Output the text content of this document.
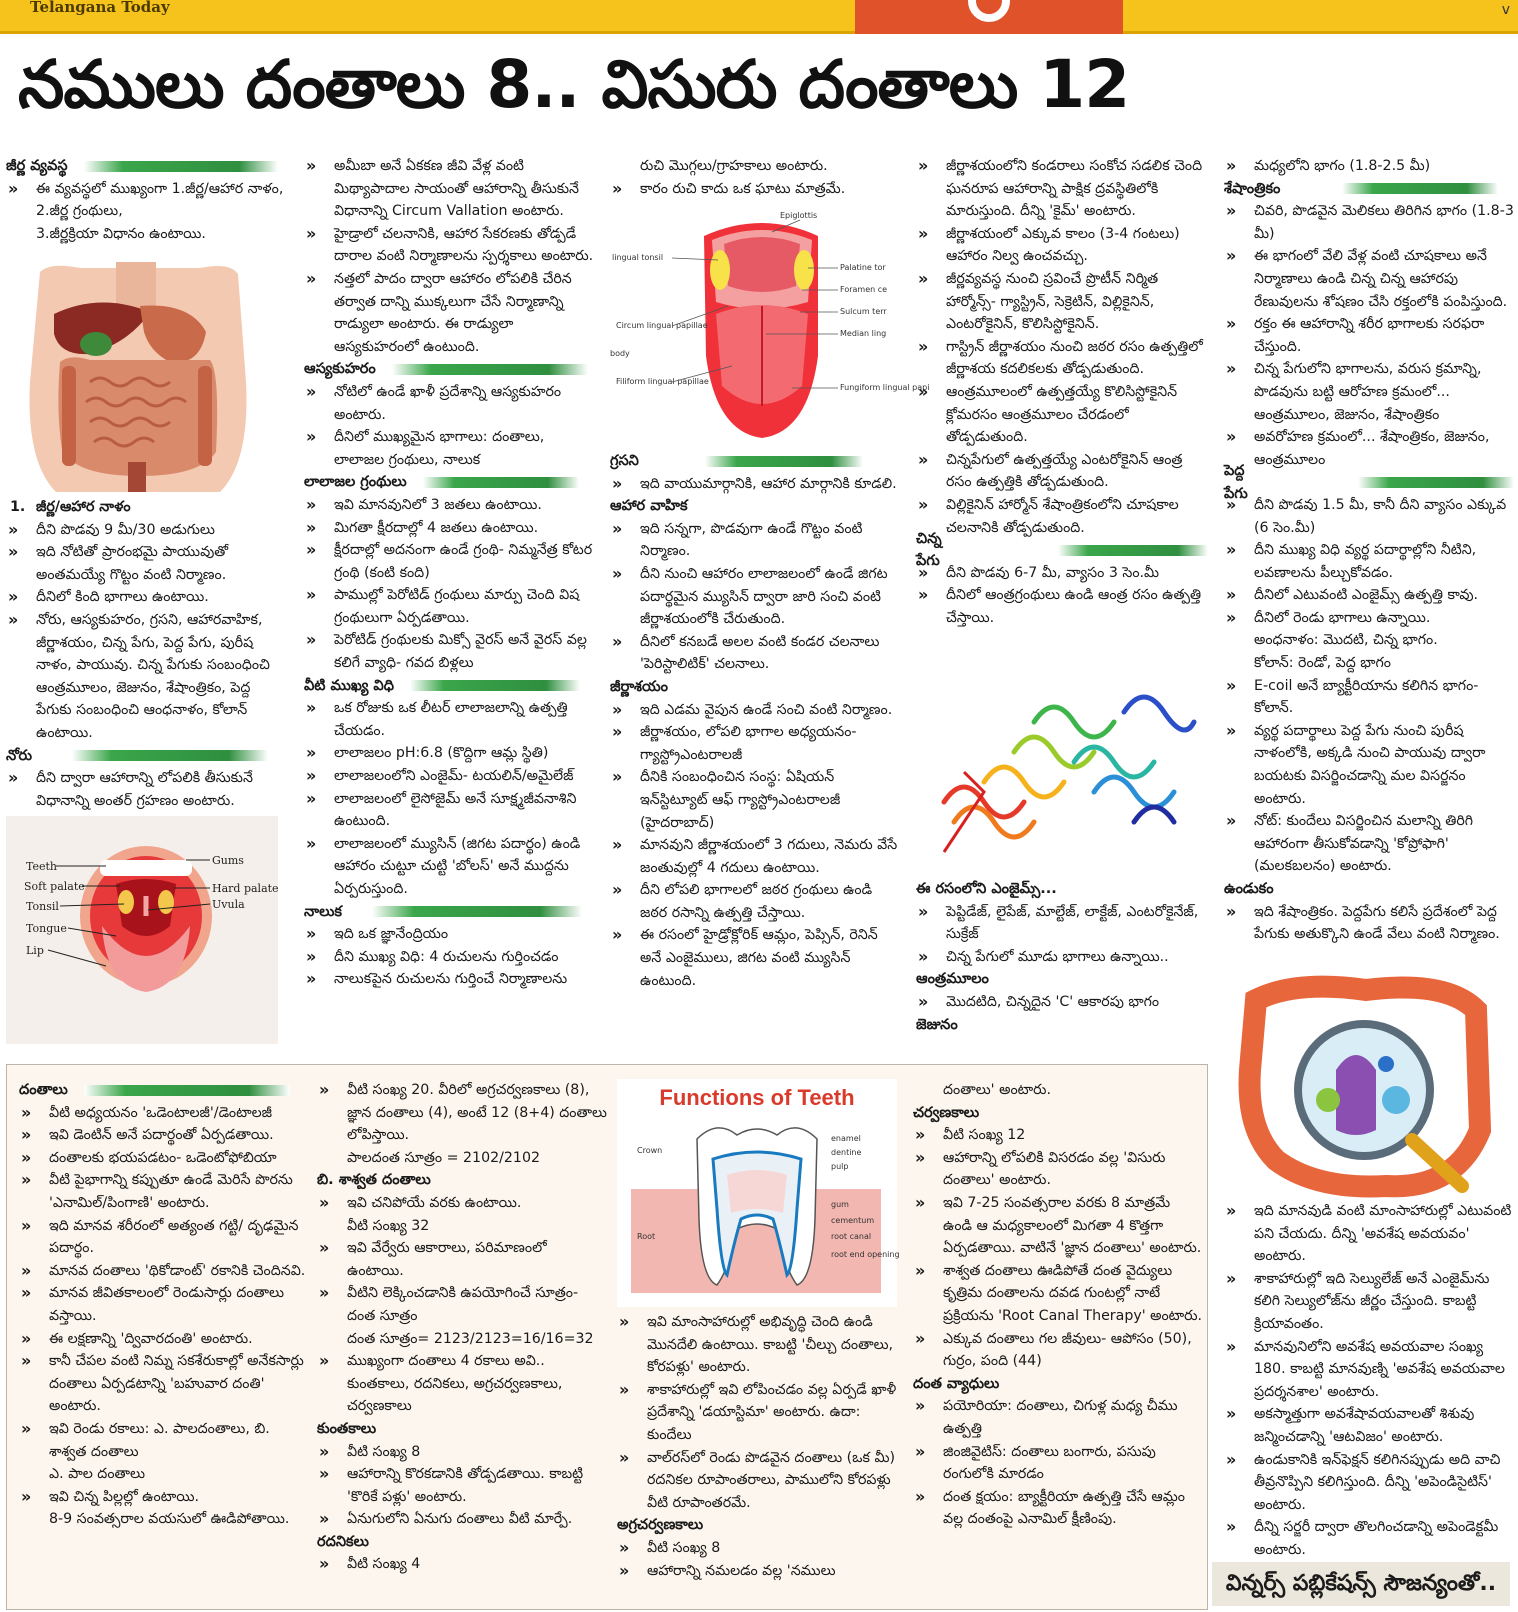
Telangana Today	v
నములు దంతాలు 8.. విసురు దంతాలు 12
జీర్ణ వ్యవస్థ

» ఈ వ్యవస్థలో ముఖ్యంగా 1.జీర్ణ/ఆహార నాళం,

2.జీర్ణ గ్రంథులు,

3.జీర్ణక్రియా విధానం ఉంటాయి.

1. జీర్ణ/ఆహార నాళం

» దీని పొడవు 9 మీ/30 అడుగులు

» ఇది నోటితో ప్రారంభమై పాయువుతో అంతమయ్యే గొట్టం వంటి నిర్మాణం.

» దీనిలో కింది భాగాలు ఉంటాయి.

» నోరు, ఆస్యకుహరం, గ్రసని, ఆహారవాహిక, జీర్ణాశయం, చిన్న పేగు, పెద్ద పేగు, పురీష నాళం, పాయువు. చిన్న పేగుకు సంబంధించి ఆంత్రమూలం, జెజునం, శేషాంత్రికం, పెద్ద పేగుకు సంబంధించి ఆంధనాళం, కోలాన్ ఉంటాయి.

నోరు

» దీని ద్వారా ఆహారాన్ని లోపలికి తీసుకునే విధానాన్ని అంతర్ గ్రహణం అంటారు.

Teeth
Soft palate
Tonsil
Tongue
Lip
Gums
Hard palate
Uvula

» అమీబా అనే ఏకకణ జీవి వేళ్ల వంటి మిథ్యాపాదాల సాయంతో ఆహారాన్ని తీసుకునే విధానాన్ని Circum Vallation అంటారు.

» హైడ్రాలో చలనానికి, ఆహార సేకరణకు తోడ్పడే దారాల వంటి నిర్మాణాలను స్పర్శకాలు అంటారు.

» నత్తలో పాదం ద్వారా ఆహారం లోపలికి చేరిన తర్వాత దాన్ని ముక్కలుగా చేసే నిర్మాణాన్ని రాడ్యులా అంటారు. ఈ రాడ్యులా ఆస్యకుహరంలో ఉంటుంది.

ఆస్యకుహరం

» నోటిలో ఉండే ఖాళీ ప్రదేశాన్ని ఆస్యకుహరం అంటారు.

» దీనిలో ముఖ్యమైన భాగాలు: దంతాలు, లాలాజల గ్రంథులు, నాలుక

లాలాజల గ్రంథులు

» ఇవి మానవునిలో 3 జతలు ఉంటాయి.

» మిగతా క్షీరదాల్లో 4 జతలు ఉంటాయి.

» క్షీరదాల్లో అదనంగా ఉండే గ్రంథి- నిమ్మనేత్ర కోటర గ్రంథి (కంటి కంది)

» పాముల్లో పెరోటిడ్ గ్రంథులు మార్పు చెంది విష గ్రంథులుగా ఏర్పడతాయి.

» పెరోటిడ్ గ్రంథులకు మిక్సో వైరస్ అనే వైరస్ వల్ల కలిగే వ్యాధి- గవద బిళ్లలు

వీటి ముఖ్య విధి

» ఒక రోజుకు ఒక లీటర్ లాలాజలాన్ని ఉత్పత్తి చేయడం.

» లాలాజలం pH:6.8 (కొద్దిగా ఆమ్ల స్థితి)

» లాలాజలంలోని ఎంజైమ్- టయలిన్/అమైలేజ్

» లాలాజలంలో లైసోజైమ్ అనే సూక్ష్మజీవనాశిని ఉంటుంది.

» లాలాజలంలో మ్యుసిన్ (జిగట పదార్థం) ఉండి ఆహారం చుట్టూ చుట్టి 'బోలస్' అనే ముద్దను ఏర్పరుస్తుంది.

నాలుక

» ఇది ఒక జ్ఞానేంద్రియం

» దీని ముఖ్య విధి: 4 రుచులను గుర్తించడం

» నాలుకపైన రుచులను గుర్తించే నిర్మాణాలను

రుచి మొగ్గలు/గ్రాహకాలు అంటారు.

» కారం రుచి కాదు ఒక ఘాటు మాత్రమే.

Epiglottis
lingual tonsil
Palatine tor
Foramen ce
Sulcum terr
Median ling
Circum lingual papillae
body
Filiform lingual papillae
Fungiform lingual papi
గ్రసని

» ఇది వాయుమార్గానికి, ఆహార మార్గానికి కూడలి.

ఆహార వాహిక

» ఇది సన్నగా, పొడవుగా ఉండే గొట్టం వంటి నిర్మాణం.

» దీని నుంచి ఆహారం లాలాజలంలో ఉండే జిగట పదార్థమైన మ్యుసిన్ ద్వారా జారి సంచి వంటి జీర్ణాశయంలోకి చేరుతుంది.

» దీనిలో కనబడే అలల వంటి కండర చలనాలు 'పెరిస్టాలిటిక్' చలనాలు.

జీర్ణాశయం

» ఇది ఎడమ వైపున ఉండే సంచి వంటి నిర్మాణం.

» జీర్ణాశయం, లోపలి భాగాల అధ్యయనం- గ్యాస్ట్రోఎంటరాలజీ

» దీనికి సంబంధించిన సంస్థ: ఏషియన్ ఇన్‌స్టిట్యూట్ ఆఫ్ గ్యాస్ట్రోఎంటరాలజీ (హైదరాబాద్)

» మానవుని జీర్ణాశయంలో 3 గదులు, నెమరు వేసే జంతువుల్లో 4 గదులు ఉంటాయి.

» దీని లోపలి భాగాలలో జఠర గ్రంథులు ఉండి జఠర రసాన్ని ఉత్పత్తి చేస్తాయి.

» ఈ రసంలో హైడ్రోక్లోరిక్ ఆమ్లం, పెప్సిన్, రెనిన్ అనే ఎంజైములు, జిగట వంటి మ్యుసిన్ ఉంటుంది.

» జీర్ణాశయంలోని కండరాలు సంకోచ సడలిక చెంది ఘనరూప ఆహారాన్ని పాక్షిక ద్రవస్థితిలోకి మారుస్తుంది. దీన్ని 'కైమ్' అంటారు.

» జీర్ణాశయంలో ఎక్కువ కాలం (3-4 గంటలు) ఆహారం నిల్వ ఉంచవచ్చు.

» జీర్ణవ్యవస్థ నుంచి స్రవించే ప్రొటీన్ నిర్మిత హార్మోన్స్- గ్యాస్ట్రిన్, సెక్రెటిన్, విల్లికైనిన్, ఎంటరోకైనిన్, కొలిసిస్టోకైనిన్.

» గాస్ట్రిన్ జీర్ణాశయం నుంచి జఠర రసం ఉత్పత్తిలో జీర్ణాశయ కదలికలకు తోడ్పడుతుంది.

» ఆంత్రమూలంలో ఉత్పత్తయ్యే కొలిసిస్టోకైనిన్ క్లోమరసం ఆంత్రమూలం చేరడంలో తోడ్పడుతుంది.

» చిన్నపేగులో ఉత్పత్తయ్యే ఎంటరోకైనిన్ ఆంత్ర రసం ఉత్పత్తికి తోడ్పడుతుంది.

» విల్లికైనిన్ హార్మోన్ శేషాంత్రికంలోని చూషకాల చలనానికి తోడ్పడుతుంది.

చిన్న పేగు

» దీని పొడవు 6-7 మీ, వ్యాసం 3 సెం.మీ

» దీనిలో ఆంత్రగ్రంథులు ఉండి ఆంత్ర రసం ఉత్పత్తి చేస్తాయి.

ఈ రసంలోని ఎంజైమ్స్...

» పెప్టిడేజ్, లైపేజ్, మాల్టేజ్, లాక్టేజ్, ఎంటరోకైనేజ్, సుక్రేజ్

» చిన్న పేగులో మూడు భాగాలు ఉన్నాయి..

ఆంత్రమూలం

» మొదటిది, చిన్నదైన 'C' ఆకారపు భాగం

జెజునం

» మధ్యలోని భాగం (1.8-2.5 మీ)

శేషాంత్రికం

» చివరి, పొడవైన మెలికలు తిరిగిన భాగం (1.8-3 మీ)

» ఈ భాగంలో వేలి వేళ్ల వంటి చూషకాలు అనే నిర్మాణాలు ఉండి చిన్న చిన్న ఆహారపు రేణువులను శోషణం చేసి రక్తంలోకి పంపిస్తుంది.

» రక్తం ఈ ఆహారాన్ని శరీర భాగాలకు సరఫరా చేస్తుంది.

» చిన్న పేగులోని భాగాలను, వరుస క్రమాన్ని, పొడవును బట్టి ఆరోహణ క్రమంలో... ఆంత్రమూలం, జెజునం, శేషాంత్రికం

» అవరోహణ క్రమంలో... శేషాంత్రికం, జెజునం, ఆంత్రమూలం

పెద్ద పేగు

» దీని పొడవు 1.5 మీ, కానీ దీని వ్యాసం ఎక్కువ (6 సెం.మీ)

» దీని ముఖ్య విధి వ్యర్థ పదార్థాల్లోని నీటిని, లవణాలను పీల్చుకోవడం.

» దీనిలో ఎటువంటి ఎంజైమ్స్ ఉత్పత్తి కావు.

» దీనిలో రెండు భాగాలు ఉన్నాయి.

అంధనాళం: మొదటి, చిన్న భాగం.

కోలాన్: రెండో, పెద్ద భాగం

» E-coil అనే బ్యాక్టీరియాను కలిగిన భాగం- కోలాన్.

» వ్యర్థ పదార్థాలు పెద్ద పేగు నుంచి పురీష నాళంలోకి, అక్కడి నుంచి పాయువు ద్వారా బయటకు విసర్జించడాన్ని మల విసర్జనం అంటారు.

» నోట్: కుందేలు విసర్జించిన మలాన్ని తిరిగి ఆహారంగా తీసుకోవడాన్ని 'కోప్రోఫాగి' (మలకబలనం) అంటారు.

ఉండుకం

» ఇది శేషాంత్రికం. పెద్దపేగు కలిసే ప్రదేశంలో పెద్ద పేగుకు అతుక్కొని ఉండే వేలు వంటి నిర్మాణం.

» ఇది మానవుడి వంటి మాంసాహారుల్లో ఎటువంటి పని చేయదు. దీన్ని 'అవశేష అవయవం' అంటారు.

» శాకాహారుల్లో ఇది సెల్యులేజ్ అనే ఎంజైమ్‌ను కలిగి సెల్యులోజ్‌ను జీర్ణం చేస్తుంది. కాబట్టి క్రియావంతం.

» మానవునిలోని అవశేష అవయవాల సంఖ్య 180. కాబట్టి మానవుణ్ని 'అవశేష అవయవాల ప్రదర్శనశాల' అంటారు.

» అకస్మాత్తుగా అవశేషావయవాలతో శిశువు జన్మించడాన్ని 'ఆటవిజం' అంటారు.

» ఉండుకానికి ఇన్‌ఫెక్షన్ కలిగినప్పుడు అది వాచి తీవ్రనొప్పిని కలిగిస్తుంది. దీన్ని 'అపెండిసైటిస్' అంటారు.

» దీన్ని సర్జరీ ద్వారా తొలగించడాన్ని అపెండెక్టమీ అంటారు.

విన్నర్స్ పబ్లికేషన్స్ సౌజన్యంతో..
దంతాలు

» వీటి అధ్యయనం 'ఒడెంటాలజీ'/డెంటాలజీ

» ఇవి డెంటిన్ అనే పదార్థంతో ఏర్పడతాయి.

» దంతాలకు భయపడటం- ఒడెంటోఫోబియా

» వీటి పైభాగాన్ని కప్పుతూ ఉండే మెరిసే పొరను 'ఎనామిల్/పింగాణి' అంటారు.

» ఇది మానవ శరీరంలో అత్యంత గట్టి/ దృఢమైన పదార్థం.

» మానవ దంతాలు 'థికోడాంట్' రకానికి చెందినవి.

» మానవ జీవితకాలంలో రెండుసార్లు దంతాలు వస్తాయి.

» ఈ లక్షణాన్ని 'ద్వివారదంతి' అంటారు.

» కానీ చేపల వంటి నిమ్న సకశేరుకాల్లో అనేకసార్లు దంతాలు ఏర్పడటాన్ని 'బహువార దంతి' అంటారు.

» ఇవి రెండు రకాలు: ఎ. పాలదంతాలు, బి. శాశ్వత దంతాలు

ఎ. పాల దంతాలు

» ఇవి చిన్న పిల్లల్లో ఉంటాయి.

8-9 సంవత్సరాల వయసులో ఊడిపోతాయి.

» వీటి సంఖ్య 20. వీరిలో అగ్రచర్వణకాలు (8), జ్ఞాన దంతాలు (4), అంటే 12 (8+4) దంతాలు లోపిస్తాయి.

పాలదంత సూత్రం = 2102/2102

బి. శాశ్వత దంతాలు

» ఇవి చనిపోయే వరకు ఉంటాయి.

వీటి సంఖ్య 32

» ఇవి వేర్వేరు ఆకారాలు, పరిమాణంలో ఉంటాయి.

» వీటిని లెక్కించడానికి ఉపయోగించే సూత్రం- దంత సూత్రం

దంత సూత్రం= 2123/2123=16/16=32

» ముఖ్యంగా దంతాలు 4 రకాలు అవి.. కుంతకాలు, రదనికలు, అగ్రచర్వణకాలు, చర్వణకాలు

కుంతకాలు

» వీటి సంఖ్య 8

» ఆహారాన్ని కొరకడానికి తోడ్పడతాయి. కాబట్టి 'కొరికే పళ్లు' అంటారు.

» ఏనుగులోని ఏనుగు దంతాలు వీటి మార్పే.

రదనికలు

» వీటి సంఖ్య 4

Functions of Teeth
enamel
dentine
pulp
Crown
gum
cementum
Root	root canal
root end opening

» ఇవి మాంసాహారుల్లో అభివృద్ధి చెంది ఉండి మొనదేలి ఉంటాయి. కాబట్టి 'చీల్చు దంతాలు, కోరపళ్లు' అంటారు.

» శాకాహారుల్లో ఇవి లోపించడం వల్ల ఏర్పడే ఖాళీ ప్రదేశాన్ని 'డయాస్టిమా' అంటారు. ఉదా: కుందేలు

» వాల్‌రస్‌లో రెండు పొడవైన దంతాలు (ఒక మీ) రదనికల రూపాంతరాలు, పాములోని కోరపళ్లు వీటి రూపాంతరమే.

అగ్రచర్వణకాలు

» వీటి సంఖ్య 8

» ఆహారాన్ని నమలడం వల్ల 'నములు

దంతాలు' అంటారు.

చర్వణకాలు

» వీటి సంఖ్య 12

» ఆహారాన్ని లోపలికి విసరడం వల్ల 'విసురు దంతాలు' అంటారు.

» ఇవి 7-25 సంవత్సరాల వరకు 8 మాత్రమే ఉండి ఆ మధ్యకాలంలో మిగతా 4 కొత్తగా ఏర్పడతాయి. వాటినే 'జ్ఞాన దంతాలు' అంటారు.

» శాశ్వత దంతాలు ఊడిపోతే దంత వైద్యులు కృత్రిమ దంతాలను దవడ గుంటల్లో నాటే ప్రక్రియను 'Root Canal Therapy' అంటారు.

» ఎక్కువ దంతాలు గల జీవులు- ఆపోసం (50), గుర్రం, పంది (44)

దంత వ్యాధులు

» పయోరియా: దంతాలు, చిగుళ్ల మధ్య చీము ఉత్పత్తి

» జింజివైటిస్: దంతాలు బంగారు, పసుపు రంగులోకి మారడం

» దంత క్షయం: బ్యాక్టీరియా ఉత్పత్తి చేసే ఆమ్లం వల్ల దంతంపై ఎనామిల్ క్షీణింపు.
